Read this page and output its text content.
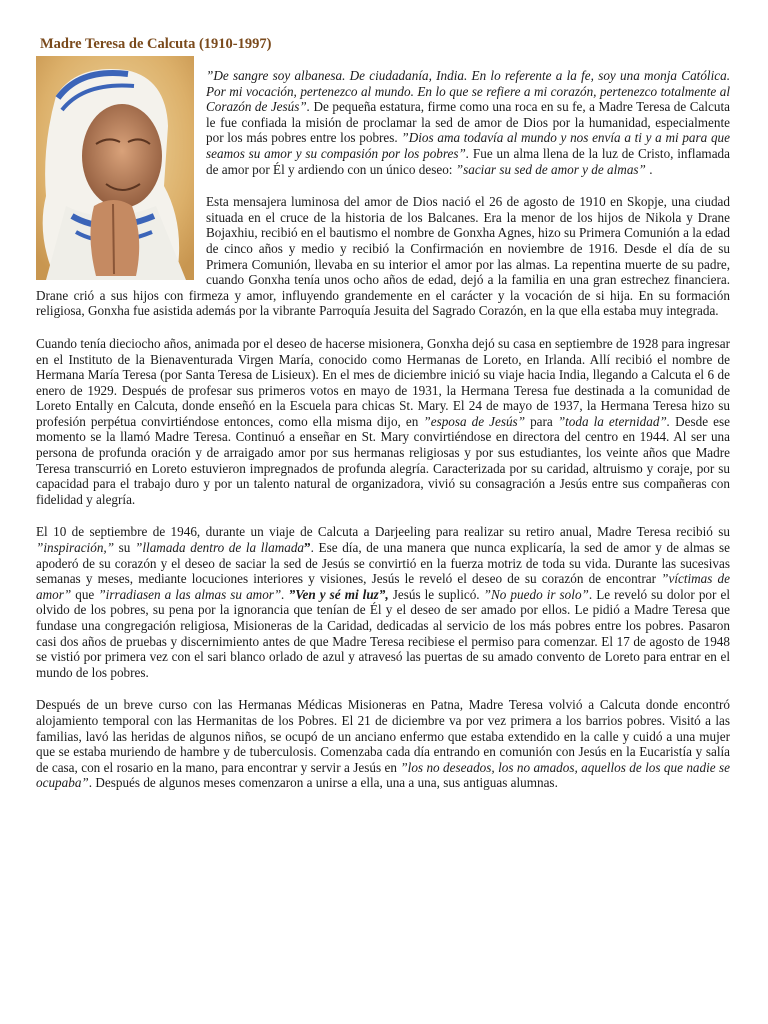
Madre Teresa de Calcuta (1910-1997)

”De sangre soy albanesa. De ciudadanía, India. En lo referente a la fe, soy una monja Católica. Por mi vocación, pertenezco al mundo. En lo que se refiere a mi corazón, pertenezco totalmente al Corazón de Jesús”. De pequeña estatura, firme como una roca en su fe, a Madre Teresa de Calcuta le fue confiada la misión de proclamar la sed de amor de Dios por la humanidad, especialmente por los más pobres entre los pobres. ”Dios ama todavía al mundo y nos envía a ti y a mi para que seamos su amor y su compasión por los pobres”. Fue un alma llena de la luz de Cristo, inflamada de amor por Él y ardiendo con un único deseo: ”saciar su sed de amor y de almas” .

Esta mensajera luminosa del amor de Dios nació el 26 de agosto de 1910 en Skopje, una ciudad situada en el cruce de la historia de los Balcanes. Era la menor de los hijos de Nikola y Drane Bojaxhiu, recibió en el bautismo el nombre de Gonxha Agnes, hizo su Primera Comunión a la edad de cinco años y medio y recibió la Confirmación en noviembre de 1916. Desde el día de su Primera Comunión, llevaba en su interior el amor por las almas. La repentina muerte de su padre, cuando Gonxha tenía unos ocho años de edad, dejó a la familia en una gran estrechez financiera. Drane crió a sus hijos con firmeza y amor, influyendo grandemente en el carácter y la vocación de si hija. En su formación religiosa, Gonxha fue asistida además por la vibrante Parroquía Jesuita del Sagrado Corazón, en la que ella estaba muy integrada.

Cuando tenía dieciocho años, animada por el deseo de hacerse misionera, Gonxha dejó su casa en septiembre de 1928 para ingresar en el Instituto de la Bienaventurada Virgen María, conocido como Hermanas de Loreto, en Irlanda. Allí recibió el nombre de Hermana María Teresa (por Santa Teresa de Lisieux). En el mes de diciembre inició su viaje hacia India, llegando a Calcuta el 6 de enero de 1929. Después de profesar sus primeros votos en mayo de 1931, la Hermana Teresa fue destinada a la comunidad de Loreto Entally en Calcuta, donde enseñó en la Escuela para chicas St. Mary. El 24 de mayo de 1937, la Hermana Teresa hizo su profesión perpétua convirtiéndose entonces, como ella misma dijo, en ”esposa de Jesús” para ”toda la eternidad”. Desde ese momento se la llamó Madre Teresa. Continuó a enseñar en St. Mary convirtiéndose en directora del centro en 1944. Al ser una persona de profunda oración y de arraigado amor por sus hermanas religiosas y por sus estudiantes, los veinte años que Madre Teresa transcurrió en Loreto estuvieron impregnados de profunda alegría. Caracterizada por su caridad, altruismo y coraje, por su capacidad para el trabajo duro y por un talento natural de organizadora, vivió su consagración a Jesús entre sus compañeras con fidelidad y alegría.

El 10 de septiembre de 1946, durante un viaje de Calcuta a Darjeeling para realizar su retiro anual, Madre Teresa recibió su ”inspiración,” su ”llamada dentro de la llamada”. Ese día, de una manera que nunca explicaría, la sed de amor y de almas se apoderó de su corazón y el deseo de saciar la sed de Jesús se convirtió en la fuerza motriz de toda su vida. Durante las sucesivas semanas y meses, mediante locuciones interiores y visiones, Jesús le reveló el deseo de su corazón de encontrar ”víctimas de amor” que ”irradiasen a las almas su amor”. ”Ven y sé mi luz”, Jesús le suplicó. ”No puedo ir solo”. Le reveló su dolor por el olvido de los pobres, su pena por la ignorancia que tenían de Él y el deseo de ser amado por ellos. Le pidió a Madre Teresa que fundase una congregación religiosa, Misioneras de la Caridad, dedicadas al servicio de los más pobres entre los pobres. Pasaron casi dos años de pruebas y discernimiento antes de que Madre Teresa recibiese el permiso para comenzar. El 17 de agosto de 1948 se vistió por primera vez con el sari blanco orlado de azul y atravesó las puertas de su amado convento de Loreto para entrar en el mundo de los pobres.

Después de un breve curso con las Hermanas Médicas Misioneras en Patna, Madre Teresa volvió a Calcuta donde encontró alojamiento temporal con las Hermanitas de los Pobres. El 21 de diciembre va por vez primera a los barrios pobres. Visitó a las familias, lavó las heridas de algunos niños, se ocupó de un anciano enfermo que estaba extendido en la calle y cuidó a una mujer que se estaba muriendo de hambre y de tuberculosis. Comenzaba cada día entrando en comunión con Jesús en la Eucaristía y salía de casa, con el rosario en la mano, para encontrar y servir a Jesús en ”los no deseados, los no amados, aquellos de los que nadie se ocupaba”. Después de algunos meses comenzaron a unirse a ella, una a una, sus antiguas alumnas.
